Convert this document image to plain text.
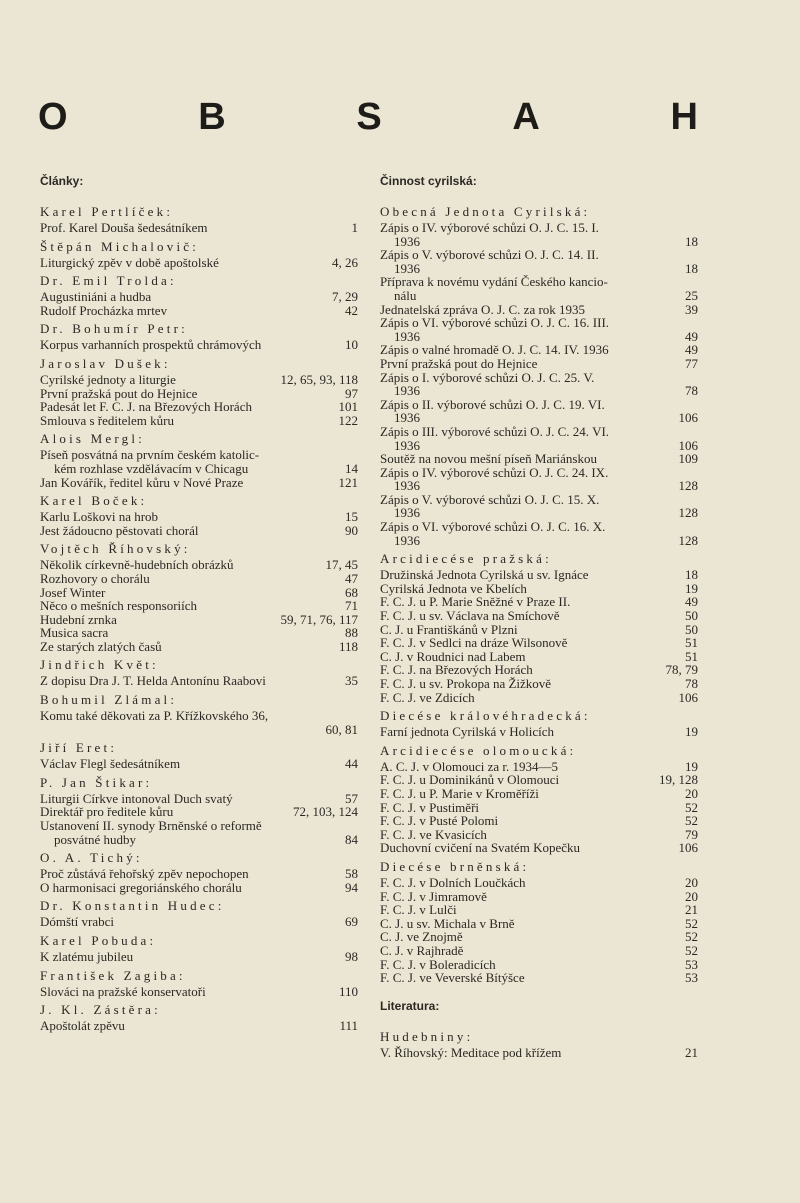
O	B	S	A	H
Články:
Karel Pertlíček:
Prof. Karel Douša šedesátníkem	1
Štěpán Michalovič:
Liturgický zpěv v době apoštolské	4, 26
Dr. Emil Trolda:
Augustiniáni a hudba	7, 29
Rudolf Procházka mrtev	42
Dr. Bohumír Petr:
Korpus varhanních prospektů chrámových	10
Jaroslav Dušek:
Cyrilské jednoty a liturgie	12, 65, 93, 118
První pražská pout do Hejnice	97
Padesát let F. C. J. na Březových Horách	101
Smlouva s ředitelem kůru	122
Alois Mergl:
Píseň posvátná na prvním českém katolic-
kém rozhlase vzdělávacím v Chicagu	14
Jan Kovářík, ředitel kůru v Nové Praze	121
Karel Boček:
Karlu Loškovi na hrob	15
Jest žádoucno pěstovati chorál	90
Vojtěch Říhovský:
Několik církevně-hudebních obrázků	17, 45
Rozhovory o chorálu	47
Josef Winter	68
Něco o mešních responsoriích	71
Hudební zrnka	59, 71, 76, 117
Musica sacra	88
Ze starých zlatých časů	118
Jindřich Květ:
Z dopisu Dra J. T. Helda Antonínu Raabovi	35
Bohumil Zlámal:
Komu také děkovati za P. Křížkovského 36,

60, 81
Jiří Eret:
Václav Flegl šedesátníkem	44
P. Jan Štikar:
Liturgii Církve intonoval Duch svatý	57
Direktář pro ředitele kůru	72, 103, 124
Ustanovení II. synody Brněnské o reformě
posvátné hudby	84
O. A. Tichý:
Proč zůstává řehořský zpěv nepochopen	58
O harmonisaci gregoriánského chorálu	94
Dr. Konstantin Hudec:
Dómští vrabci	69
Karel Pobuda:
K zlatému jubileu	98
František Zagiba:
Slováci na pražské konservatoři	110
J. Kl. Zástěra:
Apoštolát zpěvu	111
Činnost cyrilská:
Obecná Jednota Cyrilská:
Zápis o IV. výborové schůzi O. J. C. 15. I.
1936	18
Zápis o V. výborové schůzi O. J. C. 14. II.
1936	18
Příprava k novému vydání Českého kancio-
nálu	25
Jednatelská zpráva O. J. C. za rok 1935	39
Zápis o VI. výborové schůzi O. J. C. 16. III.
1936	49
Zápis o valné hromadě O. J. C. 14. IV. 1936	49
První pražská pout do Hejnice	77
Zápis o I. výborové schůzi O. J. C. 25. V.
1936	78
Zápis o II. výborové schůzi O. J. C. 19. VI.
1936	106
Zápis o III. výborové schůzi O. J. C. 24. VI.
1936	106
Soutěž na novou mešní píseň Mariánskou	109
Zápis o IV. výborové schůzi O. J. C. 24. IX.
1936	128
Zápis o V. výborové schůzi O. J. C. 15. X.
1936	128
Zápis o VI. výborové schůzi O. J. C. 16. X.
1936	128
Arcidiecése pražská:
Družinská Jednota Cyrilská u sv. Ignáce	18
Cyrilská Jednota ve Kbelích	19
F. C. J. u P. Marie Sněžné v Praze II.	49
F. C. J. u sv. Václava na Smíchově	50
C. J. u Františkánů v Plzni	50
F. C. J. v Sedlci na dráze Wilsonově	51
C. J. v Roudnici nad Labem	51
F. C. J. na Březových Horách	78, 79
F. C. J. u sv. Prokopa na Žižkově	78
F. C. J. ve Zdicích	106
Diecése královéhradecká:
Farní jednota Cyrilská v Holicích	19
Arcidiecése olomoucká:
A. C. J. v Olomouci za r. 1934—5	19
F. C. J. u Dominikánů v Olomouci	19, 128
F. C. J. u P. Marie v Kroměříži	20
F. C. J. v Pustiměři	52
F. C. J. v Pusté Polomi	52
F. C. J. ve Kvasicích	79
Duchovní cvičení na Svatém Kopečku	106
Diecése brněnská:
F. C. J. v Dolních Loučkách	20
F. C. J. v Jimramově	20
F. C. J. v Lulči	21
C. J. u sv. Michala v Brně	52
C. J. ve Znojmě	52
C. J. v Rajhradě	52
F. C. J. v Boleradicích	53
F. C. J. ve Veverské Bítýšce	53
Literatura:
Hudebniny:
V. Říhovský: Meditace pod křížem	21
